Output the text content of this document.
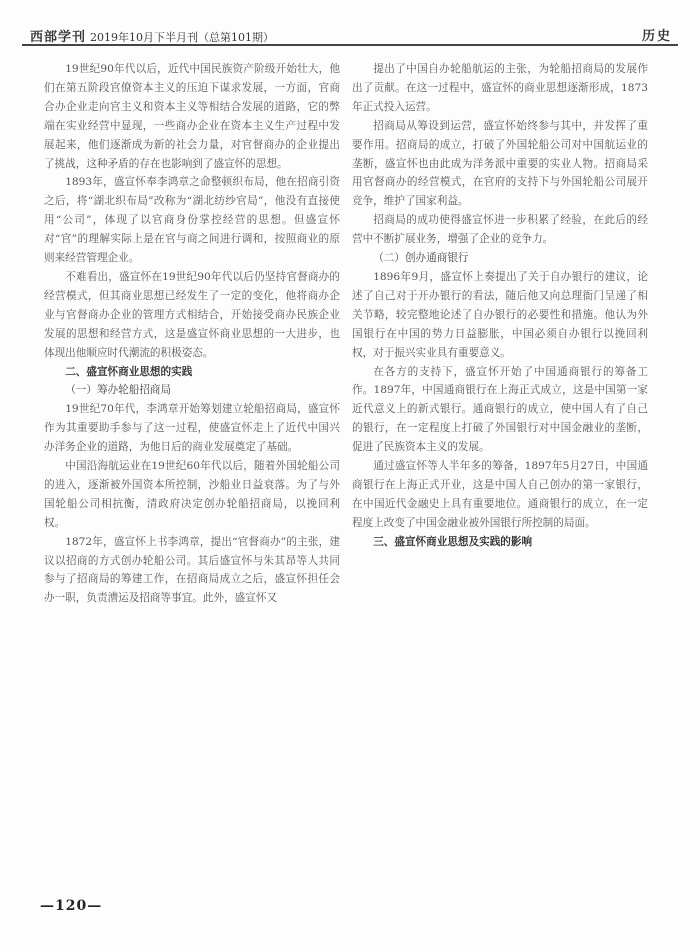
西部学刊 2019年10月下半月刊（总第101期）	历史

19世纪90年代以后，近代中国民族资产阶级开始壮大，他们在第五阶段官僚资本主义的压迫下谋求发展，一方面，官商合办企业走向官主义和资本主义等相结合发展的道路，它的弊端在实业经营中显现，一些商办企业在资本主义生产过程中发展起来，他们逐渐成为新的社会力量，对官督商办的企业提出了挑战，这种矛盾的存在也影响到了盛宣怀的思想。

1893年，盛宣怀奉李鸿章之命整顿织布局，他在招商引资之后，将“湖北织布局”改称为“湖北纺纱官局”，他没有直接使用“公司”，体现了以官商身份掌控经营的思想。但盛宣怀对“官”的理解实际上是在官与商之间进行调和，按照商业的原则来经营管理企业。

不难看出，盛宣怀在19世纪90年代以后仍坚持官督商办的经营模式，但其商业思想已经发生了一定的变化，他将商办企业与官督商办企业的管理方式相结合，开始接受商办民族企业发展的思想和经营方式，这是盛宣怀商业思想的一大进步，也体现出他顺应时代潮流的积极姿态。

二、盛宣怀商业思想的实践

（一）筹办轮船招商局

19世纪70年代，李鸿章开始筹划建立轮船招商局，盛宣怀作为其重要助手参与了这一过程，使盛宣怀走上了近代中国兴办洋务企业的道路，为他日后的商业发展奠定了基础。

中国沿海航运业在19世纪60年代以后，随着外国轮船公司的进入，逐渐被外国资本所控制，沙船业日益衰落。为了与外国轮船公司相抗衡，清政府决定创办轮船招商局，以挽回利权。

1872年，盛宣怀上书李鸿章，提出“官督商办”的主张，建议以招商的方式创办轮船公司。其后盛宣怀与朱其昂等人共同参与了招商局的筹建工作，在招商局成立之后，盛宣怀担任会办一职，负责漕运及招商等事宜。此外，盛宣怀又

提出了中国自办轮船航运的主张，为轮船招商局的发展作出了贡献。在这一过程中，盛宣怀的商业思想逐渐形成，1873年正式投入运营。

招商局从筹设到运营，盛宣怀始终参与其中，并发挥了重要作用。招商局的成立，打破了外国轮船公司对中国航运业的垄断，盛宣怀也由此成为洋务派中重要的实业人物。招商局采用官督商办的经营模式，在官府的支持下与外国轮船公司展开竞争，维护了国家利益。

招商局的成功使得盛宣怀进一步积累了经验，在此后的经营中不断扩展业务，增强了企业的竞争力。

（二）创办通商银行

1896年9月，盛宣怀上奏提出了关于自办银行的建议，论述了自己对于开办银行的看法，随后他又向总理衙门呈递了相关节略，较完整地论述了自办银行的必要性和措施。他认为外国银行在中国的势力日益膨胀，中国必须自办银行以挽回利权，对于振兴实业具有重要意义。

在各方的支持下，盛宣怀开始了中国通商银行的筹备工作。1897年，中国通商银行在上海正式成立，这是中国第一家近代意义上的新式银行。通商银行的成立，使中国人有了自己的银行，在一定程度上打破了外国银行对中国金融业的垄断，促进了民族资本主义的发展。

通过盛宣怀等人半年多的筹备，1897年5月27日，中国通商银行在上海正式开业，这是中国人自己创办的第一家银行，在中国近代金融史上具有重要地位。通商银行的成立，在一定程度上改变了中国金融业被外国银行所控制的局面。

三、盛宣怀商业思想及实践的影响

—120—
